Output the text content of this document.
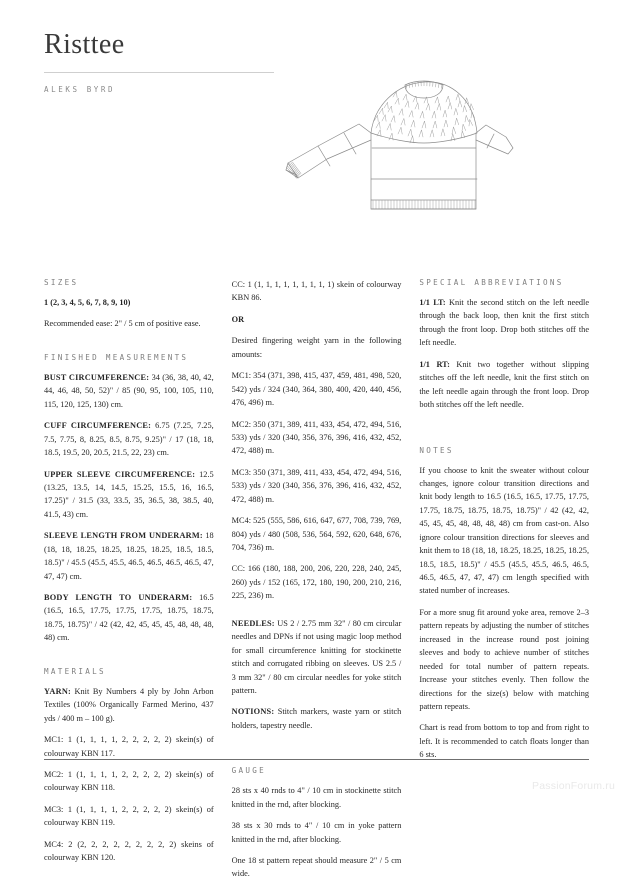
Risttee
ALEKS BYRD
SIZES

1 (2, 3, 4, 5, 6, 7, 8, 9, 10)

Recommended ease: 2" / 5 cm of positive ease.

FINISHED MEASUREMENTS

BUST CIRCUMFERENCE: 34 (36, 38, 40, 42, 44, 46, 48, 50, 52)" / 85 (90, 95, 100, 105, 110, 115, 120, 125, 130) cm.

CUFF CIRCUMFERENCE: 6.75 (7.25, 7.25, 7.5, 7.75, 8, 8.25, 8.5, 8.75, 9.25)" / 17 (18, 18, 18.5, 19.5, 20, 20.5, 21.5, 22, 23) cm.

UPPER SLEEVE CIRCUMFERENCE: 12.5 (13.25, 13.5, 14, 14.5, 15.25, 15.5, 16, 16.5, 17.25)" / 31.5 (33, 33.5, 35, 36.5, 38, 38.5, 40, 41.5, 43) cm.

SLEEVE LENGTH FROM UNDERARM: 18 (18, 18, 18.25, 18.25, 18.25, 18.25, 18.5, 18.5, 18.5)" / 45.5 (45.5, 45.5, 46.5, 46.5, 46.5, 46.5, 47, 47, 47) cm.

BODY LENGTH TO UNDERARM: 16.5 (16.5, 16.5, 17.75, 17.75, 17.75, 18.75, 18.75, 18.75, 18.75)" / 42 (42, 42, 45, 45, 45, 48, 48, 48, 48) cm.

MATERIALS

YARN: Knit By Numbers 4 ply by John Arbon Textiles (100% Organically Farmed Merino, 437 yds / 400 m – 100 g).

MC1: 1 (1, 1, 1, 1, 2, 2, 2, 2, 2) skein(s) of colourway KBN 117.

MC2: 1 (1, 1, 1, 1, 2, 2, 2, 2, 2) skein(s) of colourway KBN 118.

MC3: 1 (1, 1, 1, 1, 2, 2, 2, 2, 2) skein(s) of colourway KBN 119.

MC4: 2 (2, 2, 2, 2, 2, 2, 2, 2, 2) skeins of colourway KBN 120.

CC: 1 (1, 1, 1, 1, 1, 1, 1, 1, 1) skein of colourway KBN 86.

OR

Desired fingering weight yarn in the following amounts:

MC1: 354 (371, 398, 415, 437, 459, 481, 498, 520, 542) yds / 324 (340, 364, 380, 400, 420, 440, 456, 476, 496) m.

MC2: 350 (371, 389, 411, 433, 454, 472, 494, 516, 533) yds / 320 (340, 356, 376, 396, 416, 432, 452, 472, 488) m.

MC3: 350 (371, 389, 411, 433, 454, 472, 494, 516, 533) yds / 320 (340, 356, 376, 396, 416, 432, 452, 472, 488) m.

MC4: 525 (555, 586, 616, 647, 677, 708, 739, 769, 804) yds / 480 (508, 536, 564, 592, 620, 648, 676, 704, 736) m.

CC: 166 (180, 188, 200, 206, 220, 228, 240, 245, 260) yds / 152 (165, 172, 180, 190, 200, 210, 216, 225, 236) m.

NEEDLES: US 2 / 2.75 mm 32" / 80 cm circular needles and DPNs if not using magic loop method for small circumference knitting for stockinette stitch and corrugated ribbing on sleeves. US 2.5 / 3 mm 32" / 80 cm circular needles for yoke stitch pattern.

NOTIONS: Stitch markers, waste yarn or stitch holders, tapestry needle.

GAUGE

28 sts x 40 rnds to 4" / 10 cm in stockinette stitch knitted in the rnd, after blocking.

38 sts x 30 rnds to 4" / 10 cm in yoke pattern knitted in the rnd, after blocking.

One 18 st pattern repeat should measure 2" / 5 cm wide.

SPECIAL ABBREVIATIONS

1/1 LT: Knit the second stitch on the left needle through the back loop, then knit the first stitch through the front loop. Drop both stitches off the left needle.

1/1 RT: Knit two together without slipping stitches off the left needle, knit the first stitch on the left needle again through the front loop. Drop both stitches off the left needle.

NOTES

If you choose to knit the sweater without colour changes, ignore colour transition directions and knit body length to 16.5 (16.5, 16.5, 17.75, 17.75, 17.75, 18.75, 18.75, 18.75, 18.75)" / 42 (42, 42, 45, 45, 45, 48, 48, 48, 48) cm from cast-on. Also ignore colour transition directions for sleeves and knit them to 18 (18, 18, 18.25, 18.25, 18.25, 18.25, 18.5, 18.5, 18.5)" / 45.5 (45.5, 45.5, 46.5, 46.5, 46.5, 46.5, 47, 47, 47) cm length specified with stated number of increases.

For a more snug fit around yoke area, remove 2–3 pattern repeats by adjusting the number of stitches increased in the increase round post joining sleeves and body to achieve number of stitches needed for total number of pattern repeats. Increase your stitches evenly. Then follow the directions for the size(s) below with matching pattern repeats.

Chart is read from bottom to top and from right to left. It is recommended to catch floats longer than 6 sts.

PassionForum.ru
